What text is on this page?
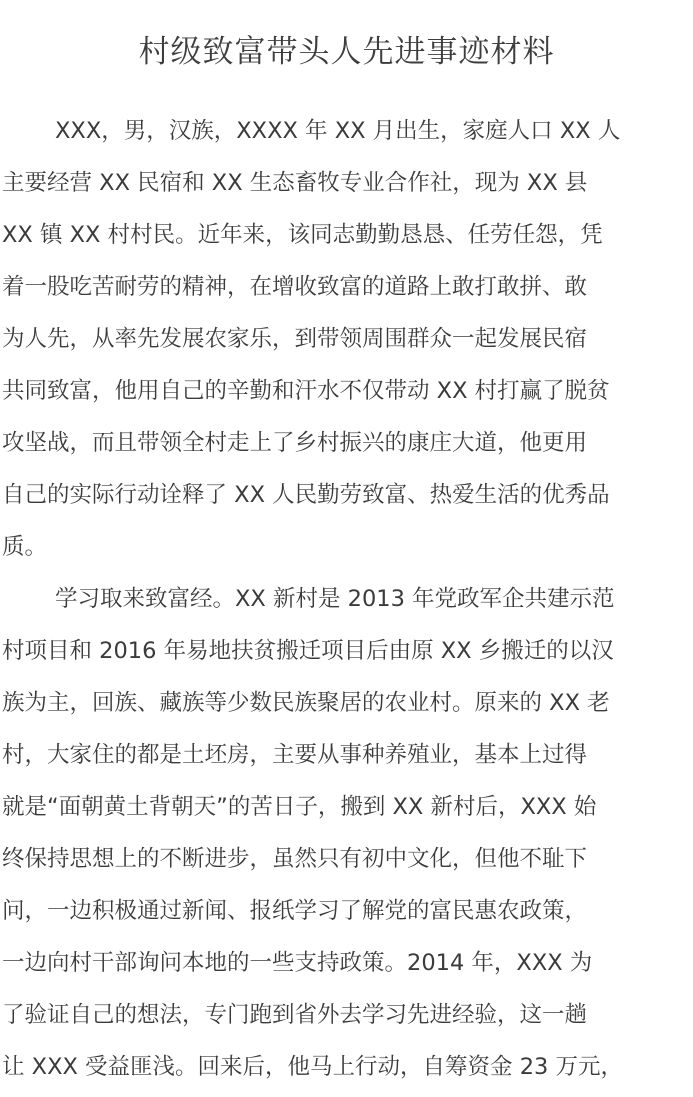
村级致富带头人先进事迹材料
XXX，男，汉族，XXXX 年 XX 月出生，家庭人口 XX 人
主要经营 XX 民宿和 XX 生态畜牧专业合作社，现为 XX 县
XX 镇 XX 村村民。近年来，该同志勤勤恳恳、任劳任怨，凭
着一股吃苦耐劳的精神，在增收致富的道路上敢打敢拼、敢
为人先，从率先发展农家乐，到带领周围群众一起发展民宿
共同致富，他用自己的辛勤和汗水不仅带动 XX 村打赢了脱贫
攻坚战，而且带领全村走上了乡村振兴的康庄大道，他更用
自己的实际行动诠释了 XX 人民勤劳致富、热爱生活的优秀品
质。
学习取来致富经。XX 新村是 2013 年党政军企共建示范
村项目和 2016 年易地扶贫搬迁项目后由原 XX 乡搬迁的以汉
族为主，回族、藏族等少数民族聚居的农业村。原来的 XX 老
村，大家住的都是土坯房，主要从事种养殖业，基本上过得
就是“面朝黄土背朝天”的苦日子，搬到 XX 新村后，XXX 始
终保持思想上的不断进步，虽然只有初中文化，但他不耻下
问，一边积极通过新闻、报纸学习了解党的富民惠农政策，
一边向村干部询问本地的一些支持政策。2014 年，XXX 为
了验证自己的想法，专门跑到省外去学习先进经验，这一趟
让 XXX 受益匪浅。回来后，他马上行动，自筹资金 23 万元，
